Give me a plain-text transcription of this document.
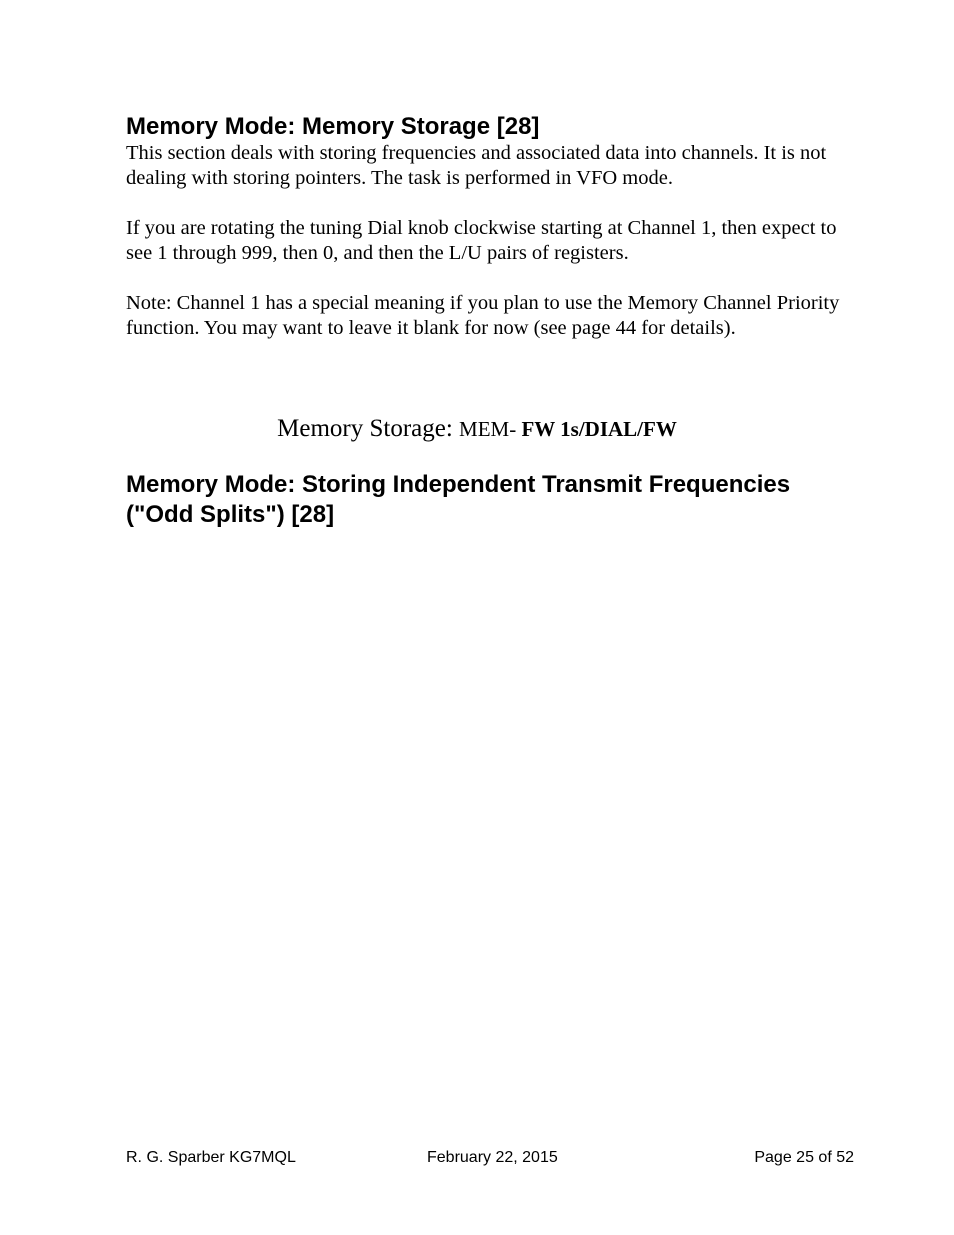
Memory Mode: Memory Storage [28]

This section deals with storing frequencies and associated data into channels. It is not dealing with storing pointers. The task is performed in VFO mode.

If you are rotating the tuning Dial knob clockwise starting at Channel 1, then expect to see 1 through 999, then 0, and then the L/U pairs of registers.

Note: Channel 1 has a special meaning if you plan to use the Memory Channel Priority function. You may want to leave it blank for now (see page 44 for details).

Memory Storage: MEM- FW 1s/DIAL/FW
Memory Mode: Storing Independent Transmit Frequencies ("Odd Splits") [28]
R. G. Sparber KG7MQL	February 22, 2015	Page 25 of 52
